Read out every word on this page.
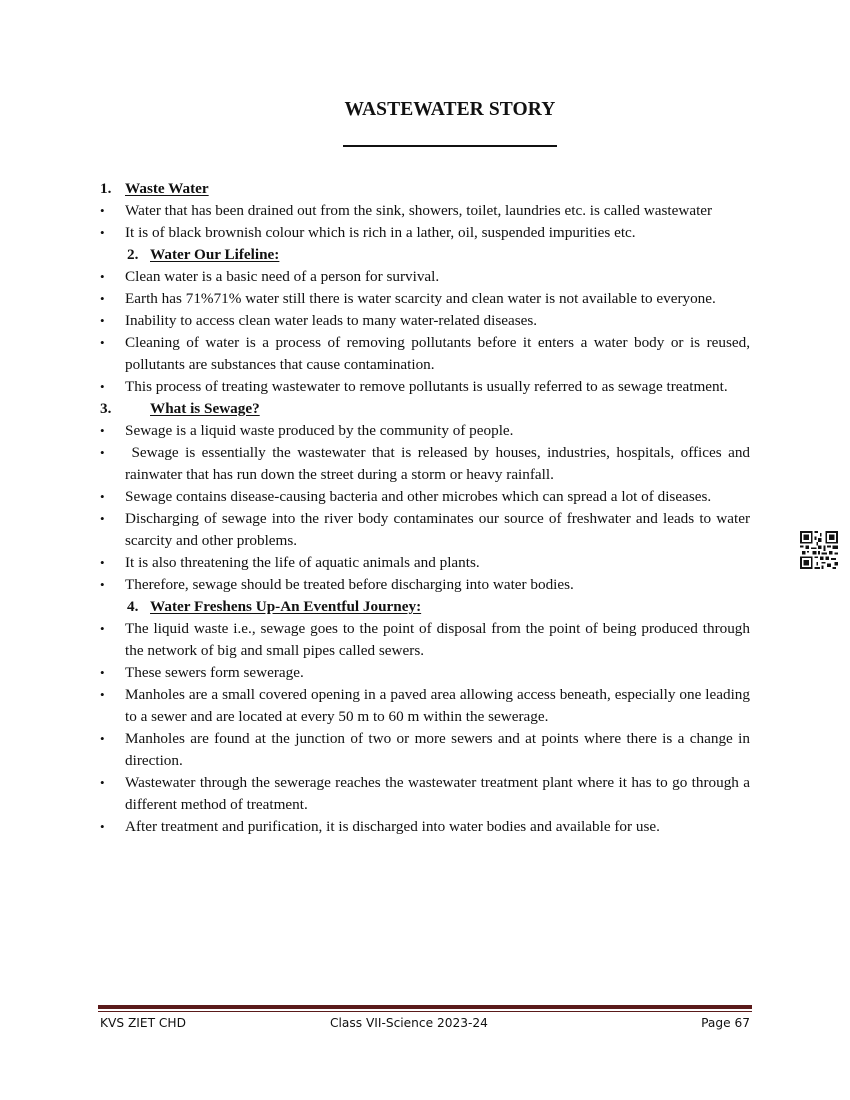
WASTEWATER STORY
1. Waste Water
• Water that has been drained out from the sink, showers, toilet, laundries etc. is called wastewater
• It is of black brownish colour which is rich in a lather, oil, suspended impurities etc.
2. Water Our Lifeline:
• Clean water is a basic need of a person for survival.
• Earth has 71%71% water still there is water scarcity and clean water is not available to everyone.
• Inability to access clean water leads to many water-related diseases.
• Cleaning of water is a process of removing pollutants before it enters a water body or is reused, pollutants are substances that cause contamination.
• This process of treating wastewater to remove pollutants is usually referred to as sewage treatment.
3.	What is Sewage?
• Sewage is a liquid waste produced by the community of people.
•  Sewage is essentially the wastewater that is released by houses, industries, hospitals, offices and rainwater that has run down the street during a storm or heavy rainfall.
• Sewage contains disease-causing bacteria and other microbes which can spread a lot of diseases.
• Discharging of sewage into the river body contaminates our source of freshwater and leads to water scarcity and other problems.
• It is also threatening the life of aquatic animals and plants.
• Therefore, sewage should be treated before discharging into water bodies.
4. Water Freshens Up-An Eventful Journey:
• The liquid waste i.e., sewage goes to the point of disposal from the point of being produced through the network of big and small pipes called sewers.
• These sewers form sewerage.
• Manholes are a small covered opening in a paved area allowing access beneath, especially one leading to a sewer and are located at every 50 m to 60 m within the sewerage.
• Manholes are found at the junction of two or more sewers and at points where there is a change in direction.
• Wastewater through the sewerage reaches the wastewater treatment plant where it has to go through a different method of treatment.
• After treatment and purification, it is discharged into water bodies and available for use.
KVS ZIET CHD	Class VII-Science 2023-24	Page 67
